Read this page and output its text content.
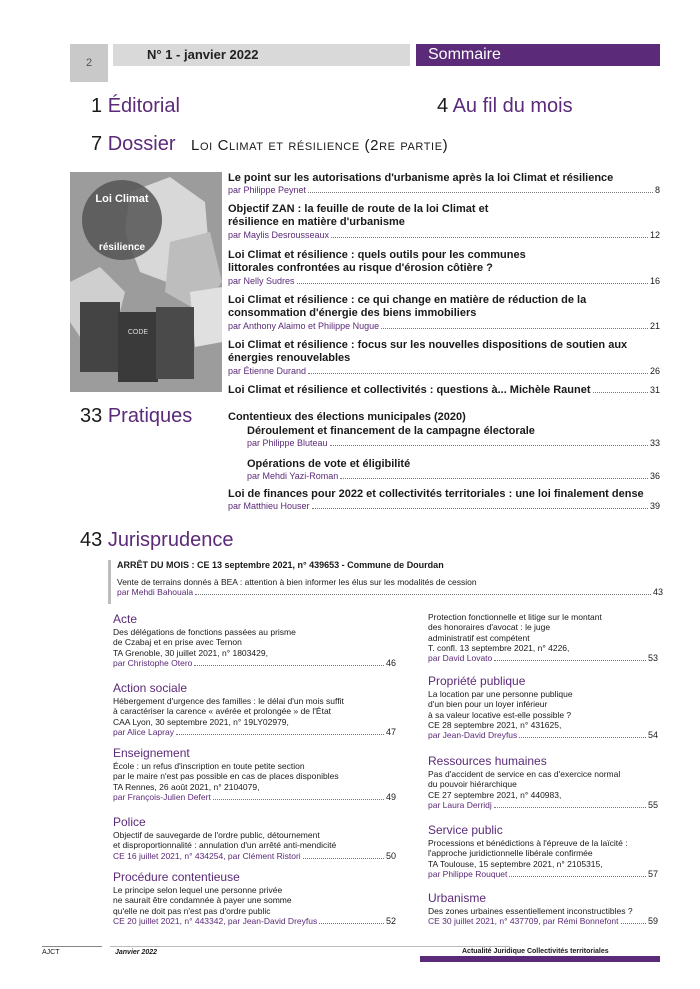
2
N° 1 - janvier 2022	Sommaire
1 Éditorial	4 Au fil du mois
7 Dossier Loi Climat et résilience (2re partie)
Loi Climat
résilience
CODE
Le point sur les autorisations d'urbanisme après la loi Climat et résilience
par Philippe Peynet	8
Objectif ZAN : la feuille de route de la loi Climat et résilience en matière d'urbanisme
par Maylis Desrousseaux	12
Loi Climat et résilience : quels outils pour les communes littorales confrontées au risque d'érosion côtière ?
par Nelly Sudres	16
Loi Climat et résilience : ce qui change en matière de réduction de la consommation d'énergie des biens immobiliers
par Anthony Alaimo et Philippe Nugue	21
Loi Climat et résilience : focus sur les nouvelles dispositions de soutien aux énergies renouvelables
par Étienne Durand	26
Loi Climat et résilience et collectivités : questions à... Michèle Raunet	31
33 Pratiques	Contentieux des élections municipales (2020)
Déroulement et financement de la campagne électorale
par Philippe Bluteau	33
Opérations de vote et éligibilité
par Mehdi Yazi-Roman	36
Loi de finances pour 2022 et collectivités territoriales : une loi finalement dense
par Matthieu Houser	39
43 Jurisprudence
ARRÊT DU MOIS : CE 13 septembre 2021, n° 439653 - Commune de Dourdan
Vente de terrains donnés à BEA : attention à bien informer les élus sur les modalités de cession
par Mehdi Bahouala	43
Acte
Des délégations de fonctions passées au prisme
de Czabaj et en prise avec Ternon
TA Grenoble, 30 juillet 2021, n° 1803429,
par Christophe Otero	46
Action sociale
Hébergement d'urgence des familles : le délai d'un mois suffit
à caractériser la carence « avérée et prolongée » de l'État
CAA Lyon, 30 septembre 2021, n° 19LY02979,
par Alice Lapray	47
Enseignement
École : un refus d'inscription en toute petite section
par le maire n'est pas possible en cas de places disponibles
TA Rennes, 26 août 2021, n° 2104079,
par François-Julien Defert	49
Police
Objectif de sauvegarde de l'ordre public, détournement
et disproportionnalité : annulation d'un arrêté anti-mendicité
CE 16 juillet 2021, n° 434254, par Clément Ristori	50
Procédure contentieuse
Le principe selon lequel une personne privée
ne saurait être condamnée à payer une somme
qu'elle ne doit pas n'est pas d'ordre public
CE 20 juillet 2021, n° 443342, par Jean-David Dreyfus	52
Protection fonctionnelle et litige sur le montant
des honoraires d'avocat : le juge
administratif est compétent
T. confl. 13 septembre 2021, n° 4226,
par David Lovato	53
Propriété publique
La location par une personne publique
d'un bien pour un loyer inférieur
à sa valeur locative est-elle possible ?
CE 28 septembre 2021, n° 431625,
par Jean-David Dreyfus	54
Ressources humaines
Pas d'accident de service en cas d'exercice normal
du pouvoir hiérarchique
CE 27 septembre 2021, n° 440983,
par Laura Derridj	55
Service public
Processions et bénédictions à l'épreuve de la laïcité :
l'approche juridictionnelle libérale confirmée
TA Toulouse, 15 septembre 2021, n° 2105315,
par Philippe Rouquet	57
Urbanisme
Des zones urbaines essentiellement inconstructibles ?
CE 30 juillet 2021, n° 437709, par Rémi Bonnefont	59
AJCT	Janvier 2022	Actualité Juridique Collectivités territoriales
